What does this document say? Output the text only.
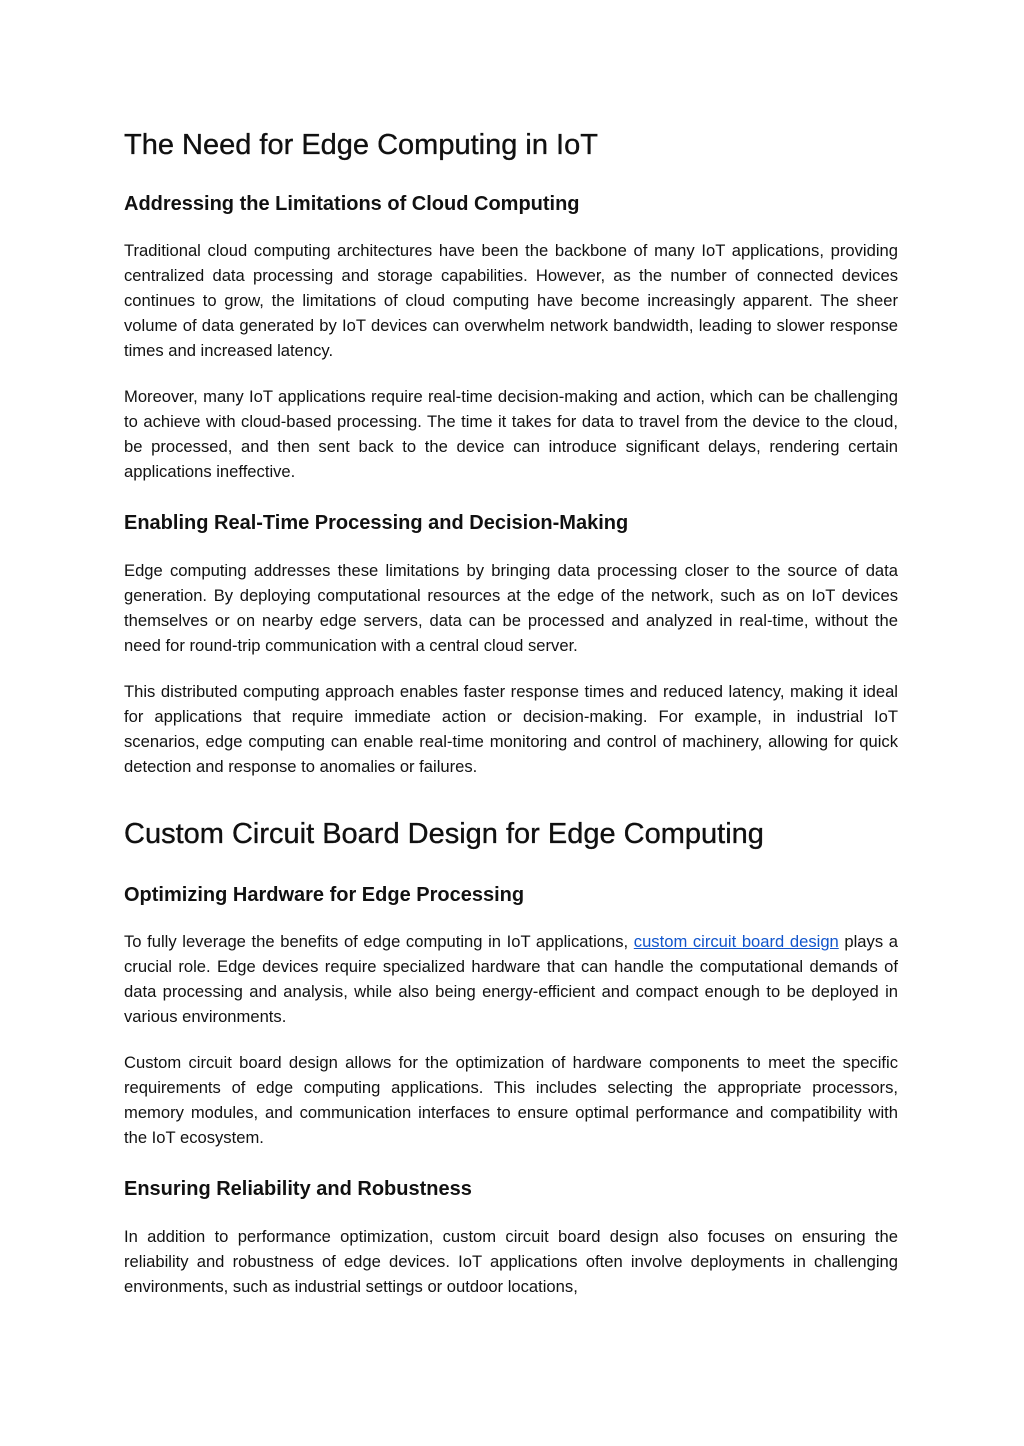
The Need for Edge Computing in IoT
Addressing the Limitations of Cloud Computing

Traditional cloud computing architectures have been the backbone of many IoT applications, providing centralized data processing and storage capabilities. However, as the number of connected devices continues to grow, the limitations of cloud computing have become increasingly apparent. The sheer volume of data generated by IoT devices can overwhelm network bandwidth, leading to slower response times and increased latency.

Moreover, many IoT applications require real-time decision-making and action, which can be challenging to achieve with cloud-based processing. The time it takes for data to travel from the device to the cloud, be processed, and then sent back to the device can introduce significant delays, rendering certain applications ineffective.

Enabling Real-Time Processing and Decision-Making

Edge computing addresses these limitations by bringing data processing closer to the source of data generation. By deploying computational resources at the edge of the network, such as on IoT devices themselves or on nearby edge servers, data can be processed and analyzed in real-time, without the need for round-trip communication with a central cloud server.

This distributed computing approach enables faster response times and reduced latency, making it ideal for applications that require immediate action or decision-making. For example, in industrial IoT scenarios, edge computing can enable real-time monitoring and control of machinery, allowing for quick detection and response to anomalies or failures.

Custom Circuit Board Design for Edge Computing
Optimizing Hardware for Edge Processing

To fully leverage the benefits of edge computing in IoT applications, custom circuit board design plays a crucial role. Edge devices require specialized hardware that can handle the computational demands of data processing and analysis, while also being energy-efficient and compact enough to be deployed in various environments.

Custom circuit board design allows for the optimization of hardware components to meet the specific requirements of edge computing applications. This includes selecting the appropriate processors, memory modules, and communication interfaces to ensure optimal performance and compatibility with the IoT ecosystem.

Ensuring Reliability and Robustness

In addition to performance optimization, custom circuit board design also focuses on ensuring the reliability and robustness of edge devices. IoT applications often involve deployments in challenging environments, such as industrial settings or outdoor locations,
